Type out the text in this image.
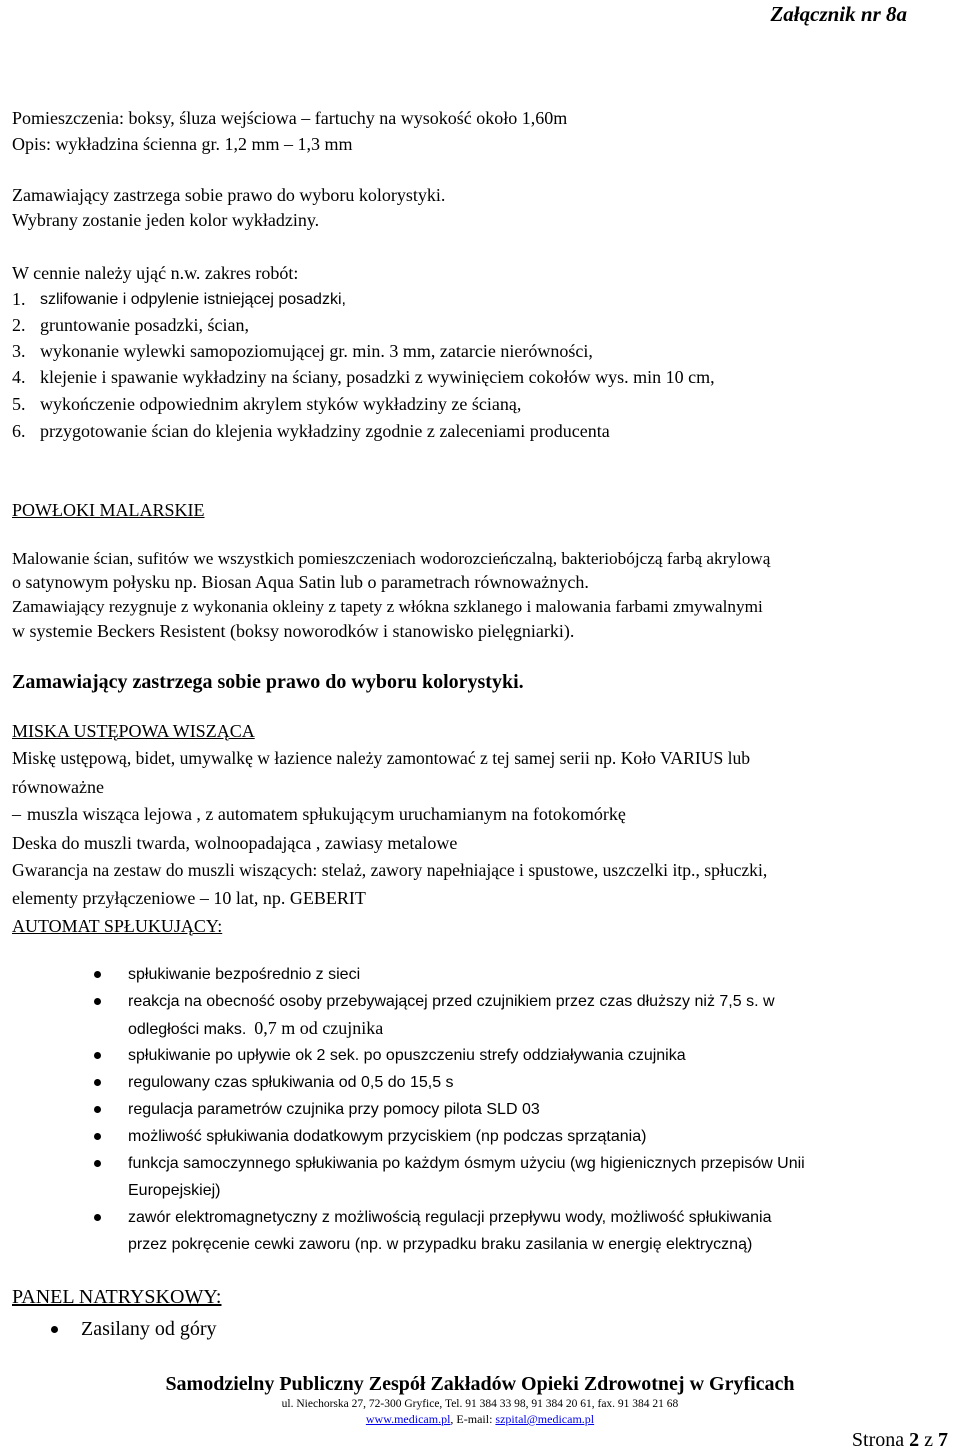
Załącznik nr 8a
Pomieszczenia: boksy, śluza wejściowa – fartuchy na wysokość około 1,60m
Opis: wykładzina ścienna gr. 1,2 mm – 1,3 mm
Zamawiający zastrzega sobie prawo do wyboru kolorystyki.
Wybrany zostanie jeden kolor wykładziny.
W cennie należy ująć n.w. zakres robót:
1. szlifowanie i odpylenie istniejącej posadzki,
2. gruntowanie posadzki, ścian,
3. wykonanie wylewki samopoziomującej gr. min. 3 mm, zatarcie nierówności,
4. klejenie i spawanie wykładziny na ściany, posadzki z wywinięciem cokołów wys. min 10 cm,
5. wykończenie odpowiednim akrylem styków wykładziny ze ścianą,
6. przygotowanie ścian do klejenia wykładziny zgodnie z zaleceniami producenta
POWŁOKI MALARSKIE
Malowanie ścian, sufitów we wszystkich pomieszczeniach wodorozcieńczalną, bakteriobójczą farbą akrylową
o satynowym połysku np. Biosan Aqua Satin lub o parametrach równoważnych.
Zamawiający rezygnuje z wykonania okleiny z tapety z włókna szklanego i malowania farbami zmywalnymi
w systemie Beckers Resistent (boksy noworodków i stanowisko pielęgniarki).
Zamawiający zastrzega sobie prawo do wyboru kolorystyki.
MISKA USTĘPOWA WISZĄCA
Miskę ustępową, bidet, umywalkę w łazience należy zamontować z tej samej serii np. Koło VARIUS lub
równoważne
– muszla wisząca lejowa , z automatem spłukującym uruchamianym na fotokomórkę
Deska do muszli twarda, wolnoopadająca , zawiasy metalowe
Gwarancja na zestaw do muszli wiszących: stelaż, zawory napełniające i spustowe, uszczelki itp., spłuczki,
elementy przyłączeniowe – 10 lat, np. GEBERIT
AUTOMAT SPŁUKUJĄCY:
spłukiwanie bezpośrednio z sieci
reakcja na obecność osoby przebywającej przed czujnikiem przez czas dłuższy niż 7,5 s. w
odległości maks. 0,7 m od czujnika
spłukiwanie po upływie ok 2 sek. po opuszczeniu strefy oddziaływania czujnika
regulowany czas spłukiwania od 0,5 do 15,5 s
regulacja parametrów czujnika przy pomocy pilota SLD 03
możliwość spłukiwania dodatkowym przyciskiem (np podczas sprzątania)
funkcja samoczynnego spłukiwania po każdym ósmym użyciu (wg higienicznych przepisów Unii
Europejskiej)
zawór elektromagnetyczny z możliwością regulacji przepływu wody, możliwość spłukiwania
przez pokręcenie cewki zaworu (np. w przypadku braku zasilania w energię elektryczną)
PANEL NATRYSKOWY:
Zasilany od góry
Samodzielny Publiczny Zespół Zakładów Opieki Zdrowotnej w Gryficach
ul. Niechorska 27, 72-300 Gryfice, Tel. 91 384 33 98, 91 384 20 61, fax. 91 384 21 68
www.medicam.pl, E-mail: szpital@medicam.pl
Strona 2 z 7
